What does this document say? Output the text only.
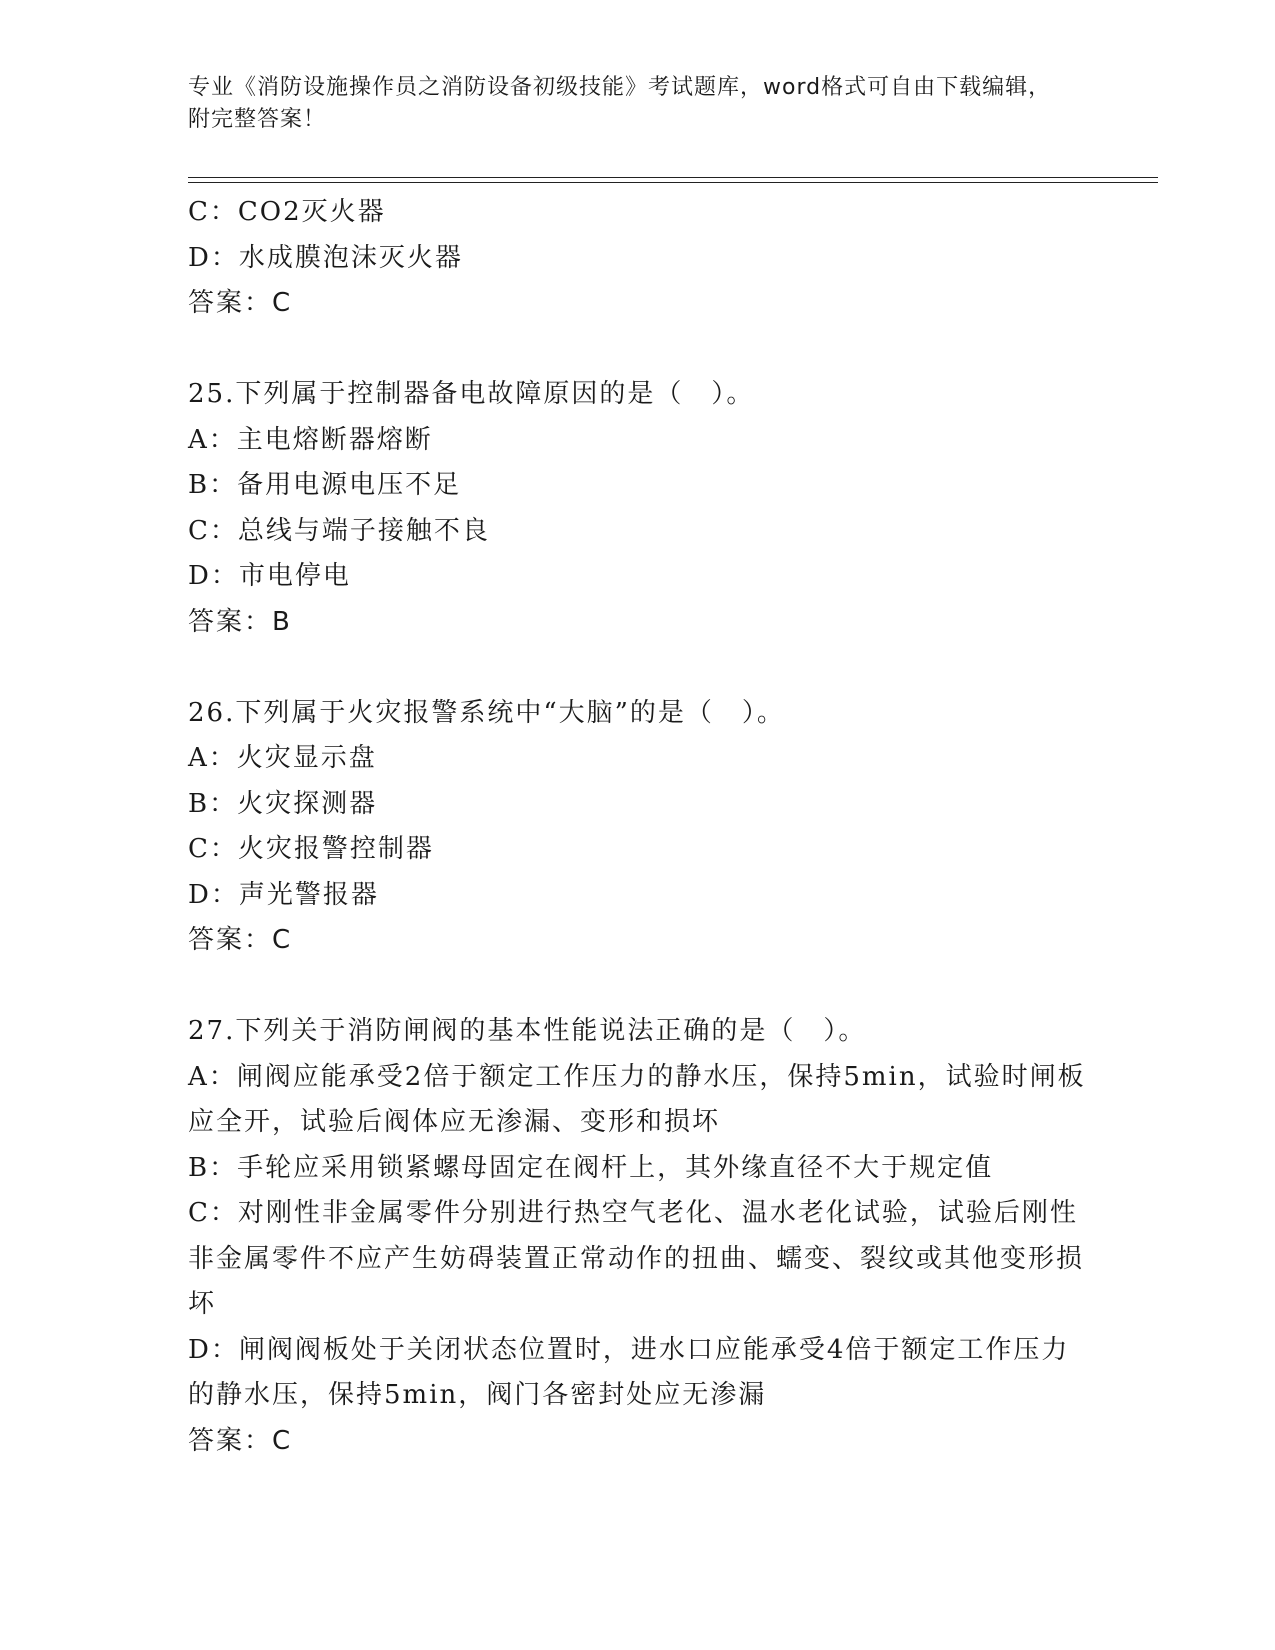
专业《消防设施操作员之消防设备初级技能》考试题库，word格式可自由下载编辑，附完整答案！
C：CO2灭火器
D：水成膜泡沫灭火器
答案：C
25.下列属于控制器备电故障原因的是（　）。
A：主电熔断器熔断
B：备用电源电压不足
C：总线与端子接触不良
D：市电停电
答案：B
26.下列属于火灾报警系统中“大脑”的是（　）。
A：火灾显示盘
B：火灾探测器
C：火灾报警控制器
D：声光警报器
答案：C
27.下列关于消防闸阀的基本性能说法正确的是（　）。
A：闸阀应能承受2倍于额定工作压力的静水压，保持5min，试验时闸板应全开，试验后阀体应无渗漏、变形和损坏
B：手轮应采用锁紧螺母固定在阀杆上，其外缘直径不大于规定值
C：对刚性非金属零件分别进行热空气老化、温水老化试验，试验后刚性非金属零件不应产生妨碍装置正常动作的扭曲、蠕变、裂纹或其他变形损坏
D：闸阀阀板处于关闭状态位置时，进水口应能承受4倍于额定工作压力的静水压，保持5min，阀门各密封处应无渗漏
答案：C
